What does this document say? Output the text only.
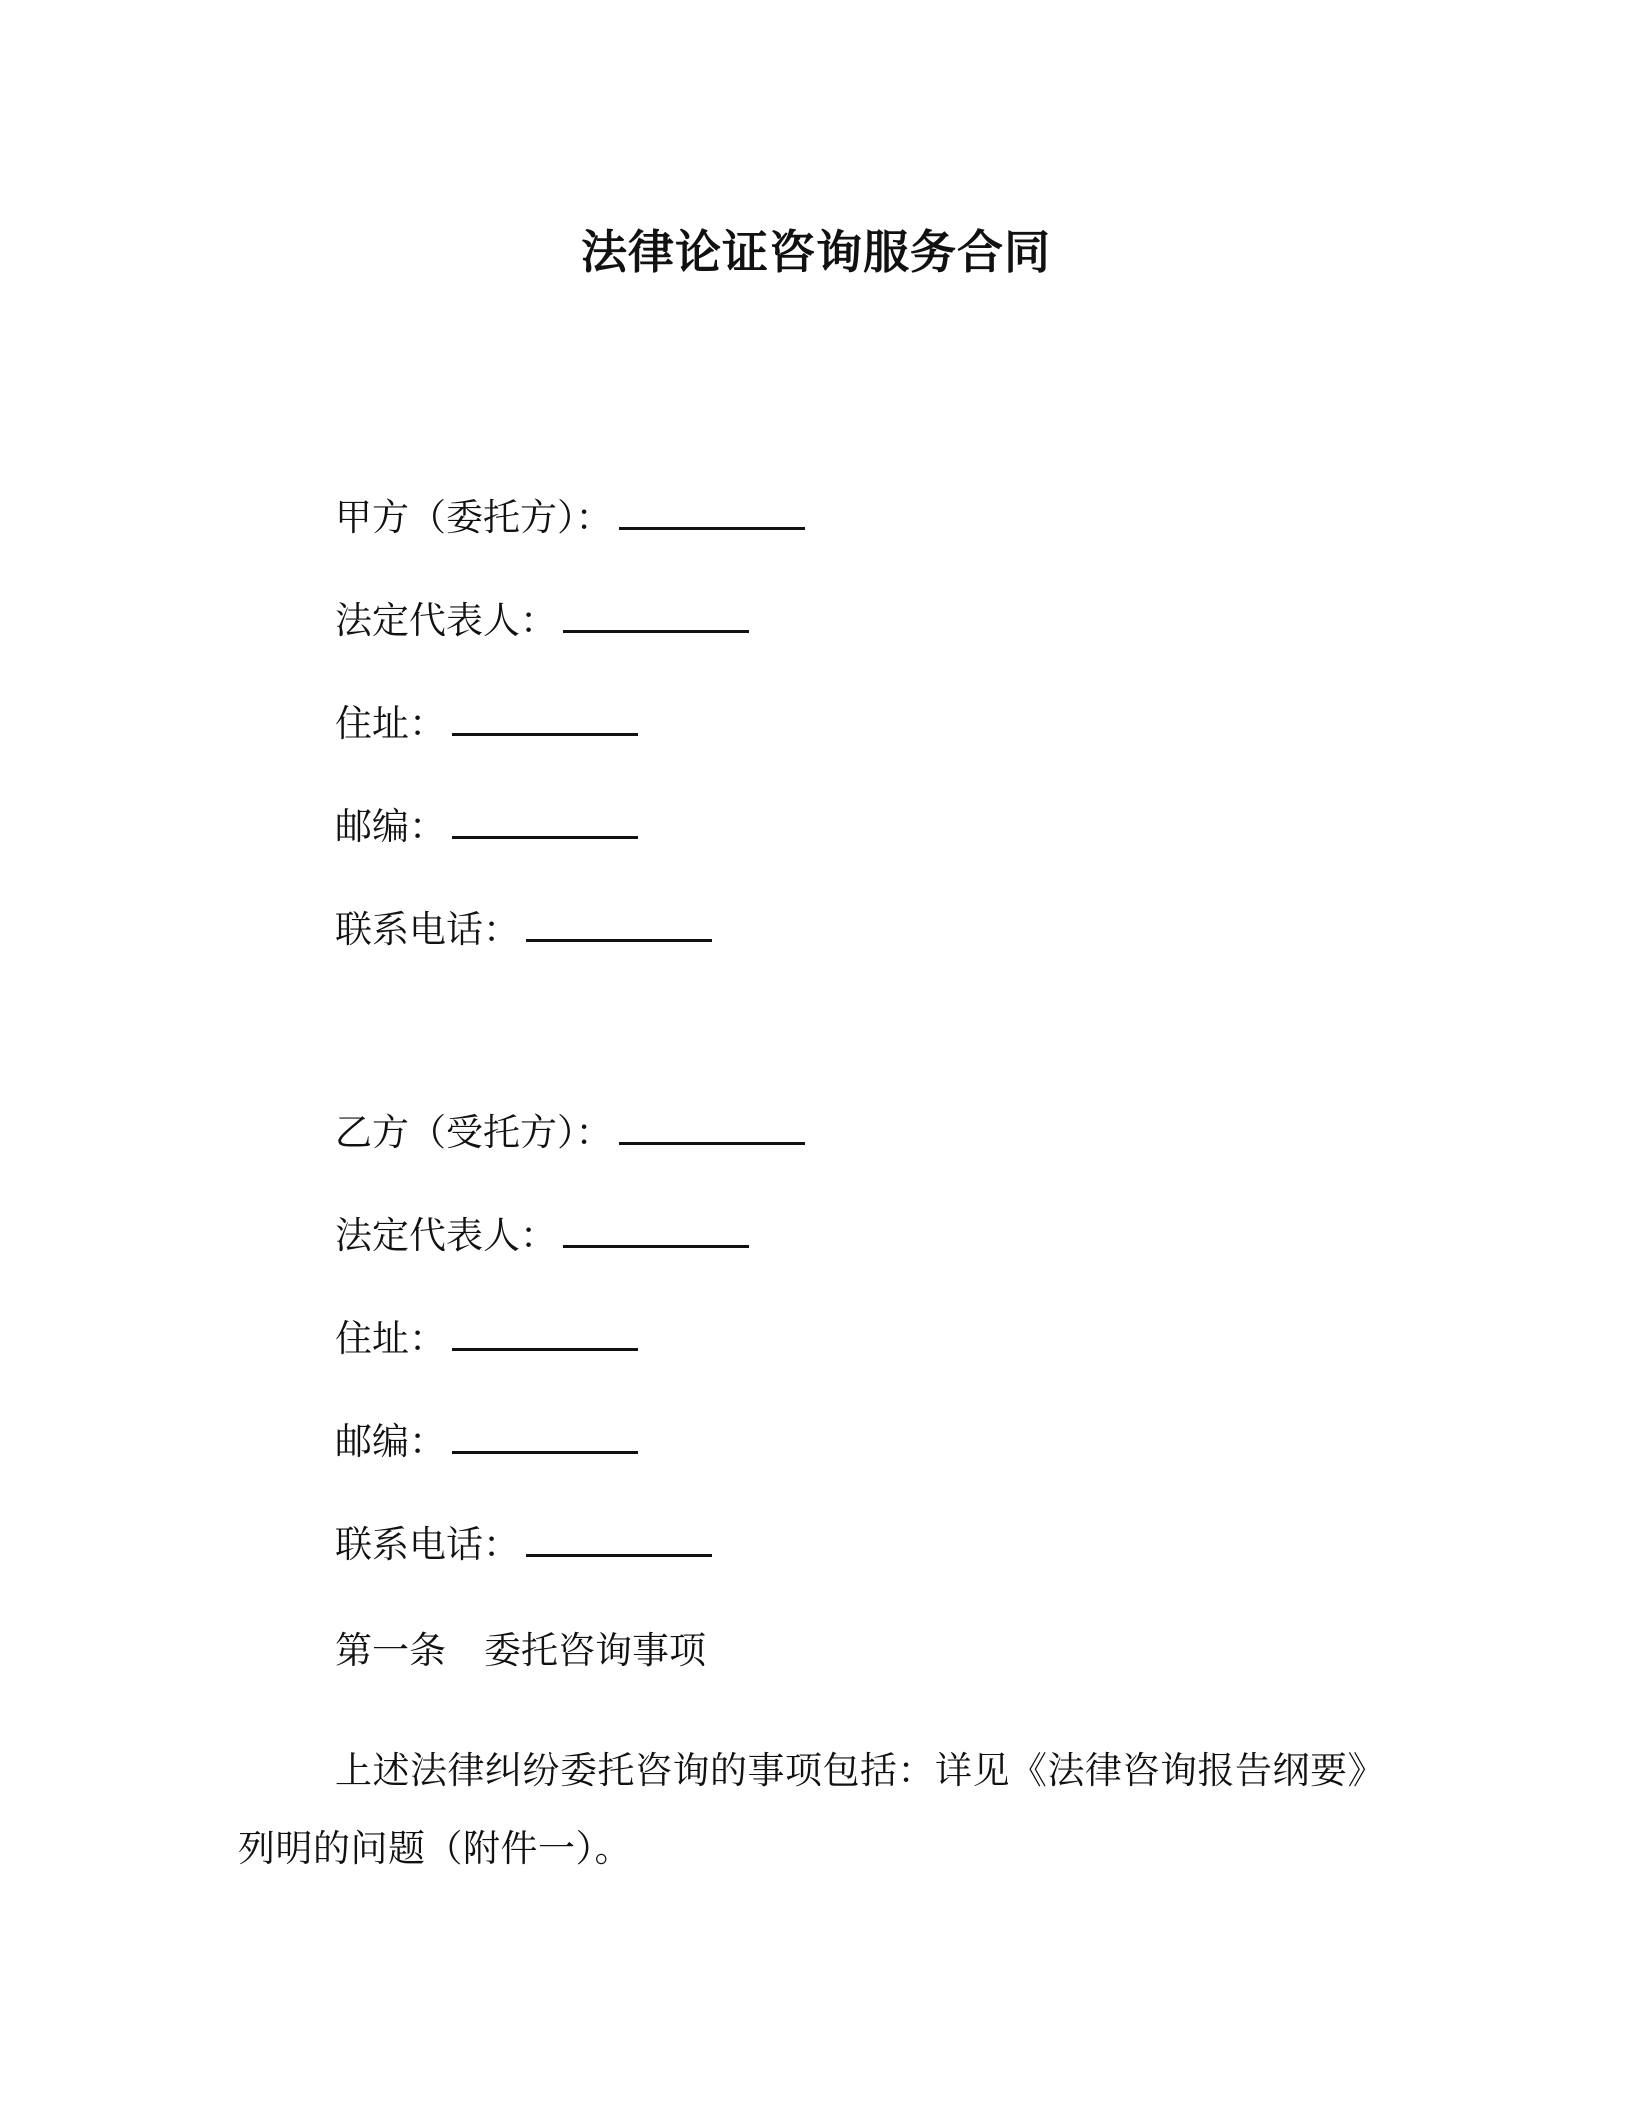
法律论证咨询服务合同
甲方（委托方）：
法定代表人：
住址：
邮编：
联系电话：
乙方（受托方）：
法定代表人：
住址：
邮编：
联系电话：
第一条 委托咨询事项
上述法律纠纷委托咨询的事项包括：详见《法律咨询报告纲要》列明的问题（附件一）。
